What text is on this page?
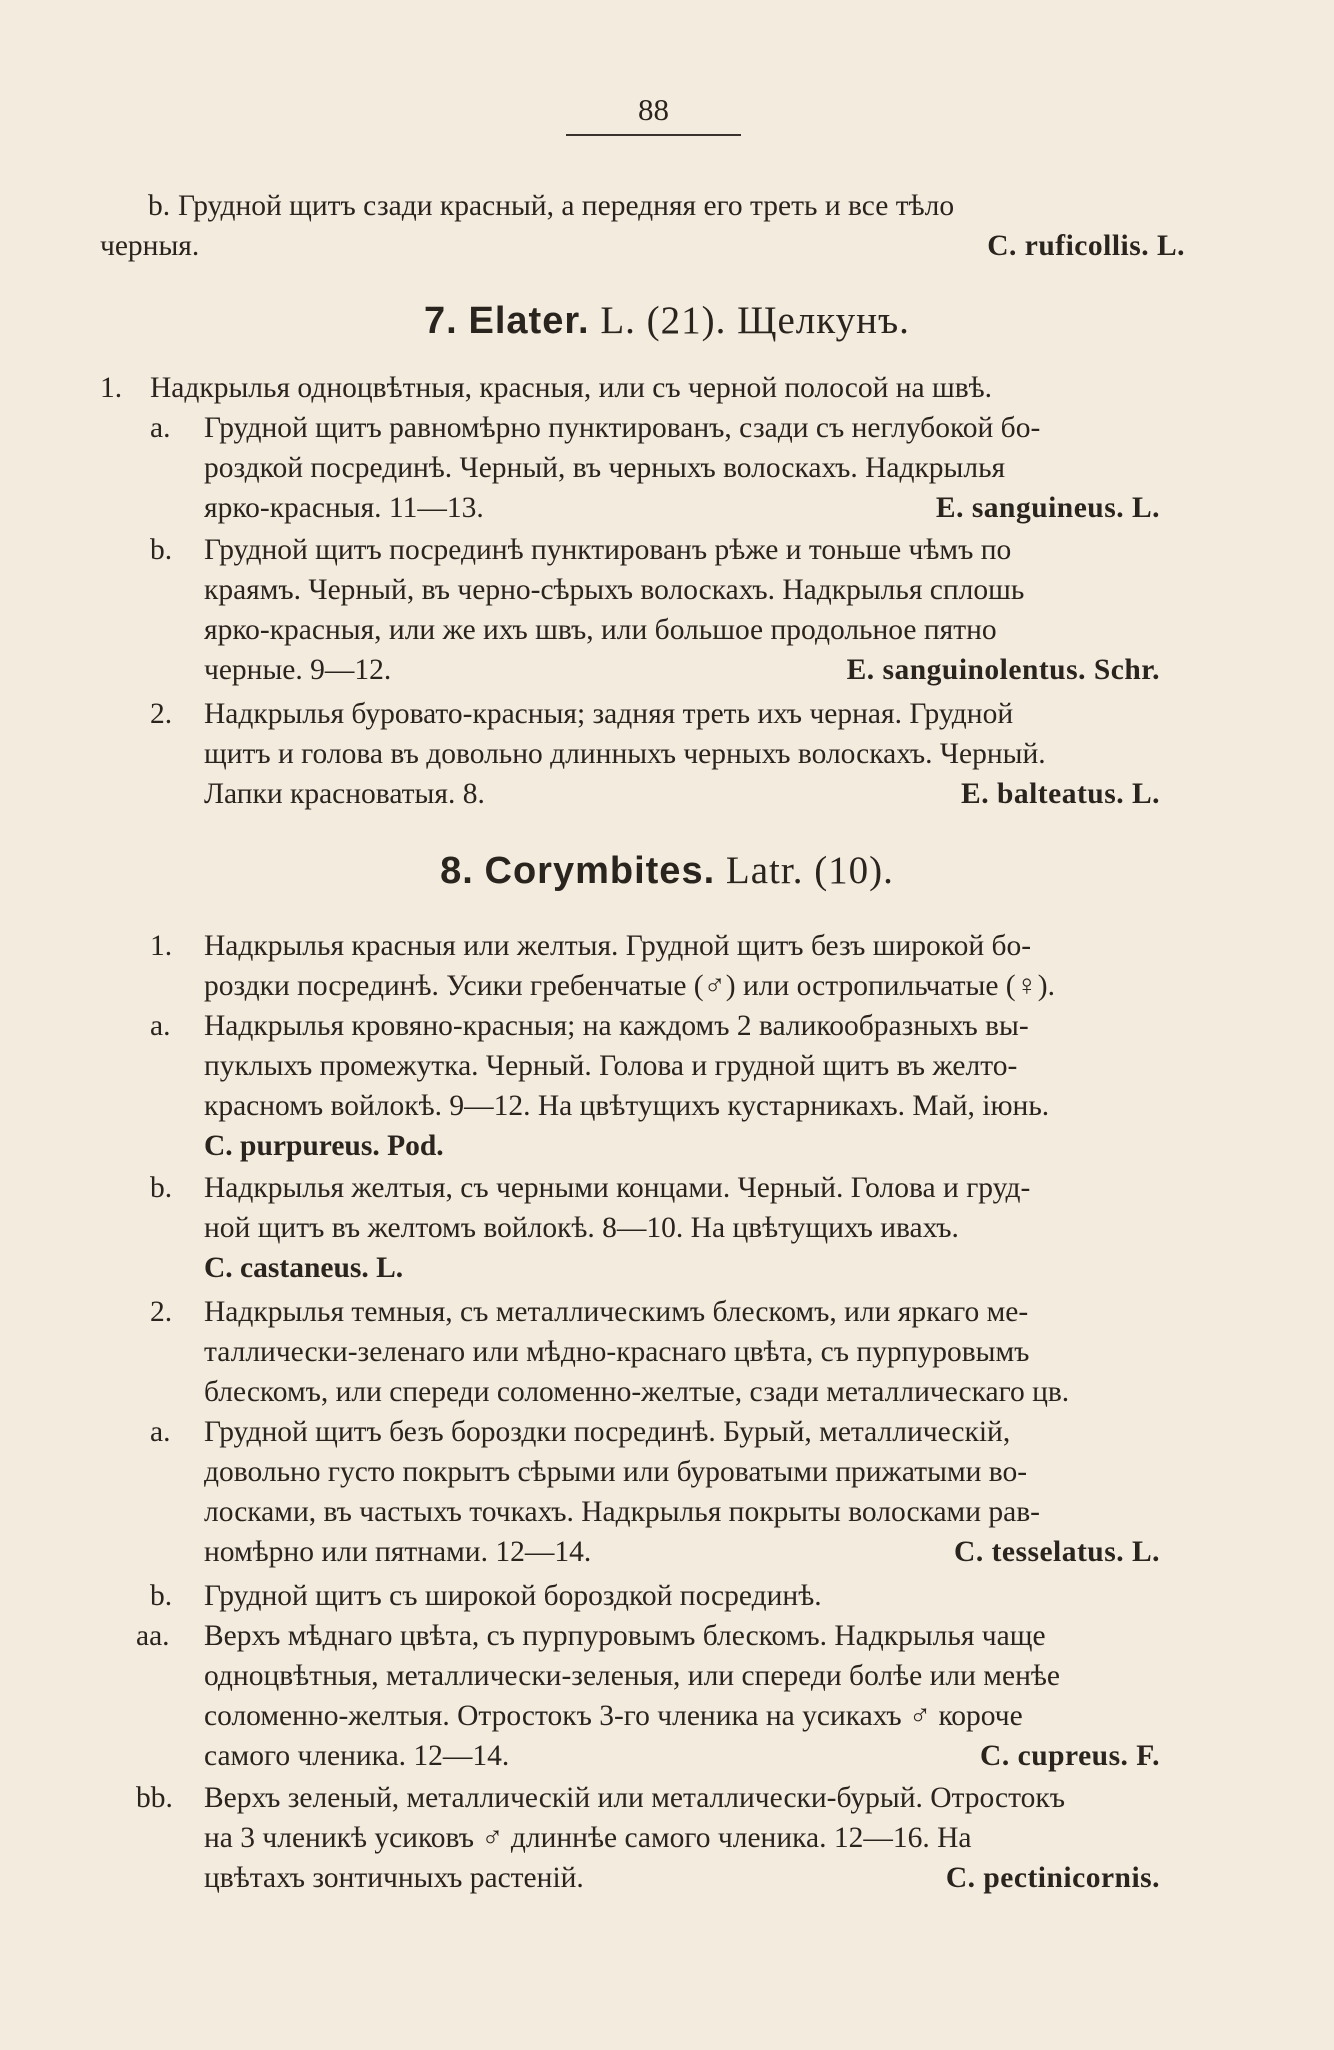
88
b. Грудной щитъ сзади красный, а передняя его треть и все тѣло
черныя.	C. ruficollis. L.
7. Elater. L. (21). Щелкунъ.
1. Надкрылья одноцвѣтныя, красныя, или съ черной полосой на швѣ.
a.	Грудной щитъ равномѣрно пунктированъ, сзади съ неглубокой бо-
роздкой посрединѣ. Черный, въ черныхъ волоскахъ. Надкрылья
ярко-красныя. 11—13.	E. sanguineus. L.
b.	Грудной щитъ посрединѣ пунктированъ рѣже и тоньше чѣмъ по
краямъ. Черный, въ черно-сѣрыхъ волоскахъ. Надкрылья сплошь
ярко-красныя, или же ихъ швъ, или большое продольное пятно
черные. 9—12.	E. sanguinolentus. Schr.
2.	Надкрылья буровато-красныя; задняя треть ихъ черная. Грудной
щитъ и голова въ довольно длинныхъ черныхъ волоскахъ. Черный.
Лапки красноватыя. 8.	E. balteatus. L.
8. Corymbites. Latr. (10).
1.	Надкрылья красныя или желтыя. Грудной щитъ безъ широкой бо-
роздки посрединѣ. Усики гребенчатые (♂) или остропильчатые (♀).
a.	Надкрылья кровяно-красныя; на каждомъ 2 валикообразныхъ вы-
пуклыхъ промежутка. Черный. Голова и грудной щитъ въ желто-
красномъ войлокѣ. 9—12. На цвѣтущихъ кустарникахъ. Май, іюнь.
C. purpureus. Pod.
b.	Надкрылья желтыя, съ черными концами. Черный. Голова и груд-
ной щитъ въ желтомъ войлокѣ. 8—10. На цвѣтущихъ ивахъ.
C. castaneus. L.
2.	Надкрылья темныя, съ металлическимъ блескомъ, или яркаго ме-
таллически-зеленаго или мѣдно-краснаго цвѣта, съ пурпуровымъ
блескомъ, или спереди соломенно-желтые, сзади металлическаго цв.
a.	Грудной щитъ безъ бороздки посрединѣ. Бурый, металлическій,
довольно густо покрытъ сѣрыми или буроватыми прижатыми во-
лосками, въ частыхъ точкахъ. Надкрылья покрыты волосками рав-
номѣрно или пятнами. 12—14.	C. tesselatus. L.
b.	Грудной щитъ съ широкой бороздкой посрединѣ.
aa. Верхъ мѣднаго цвѣта, съ пурпуровымъ блескомъ. Надкрылья чаще
одноцвѣтныя, металлически-зеленыя, или спереди болѣе или менѣе
соломенно-желтыя. Отростокъ 3-го членика на усикахъ ♂ короче
самого членика. 12—14.	C. cupreus. F.
bb. Верхъ зеленый, металлическій или металлически-бурый. Отростокъ
на 3 членикѣ усиковъ ♂ длиннѣе самого членика. 12—16. На
цвѣтахъ зонтичныхъ растеній.	C. pectinicornis.
